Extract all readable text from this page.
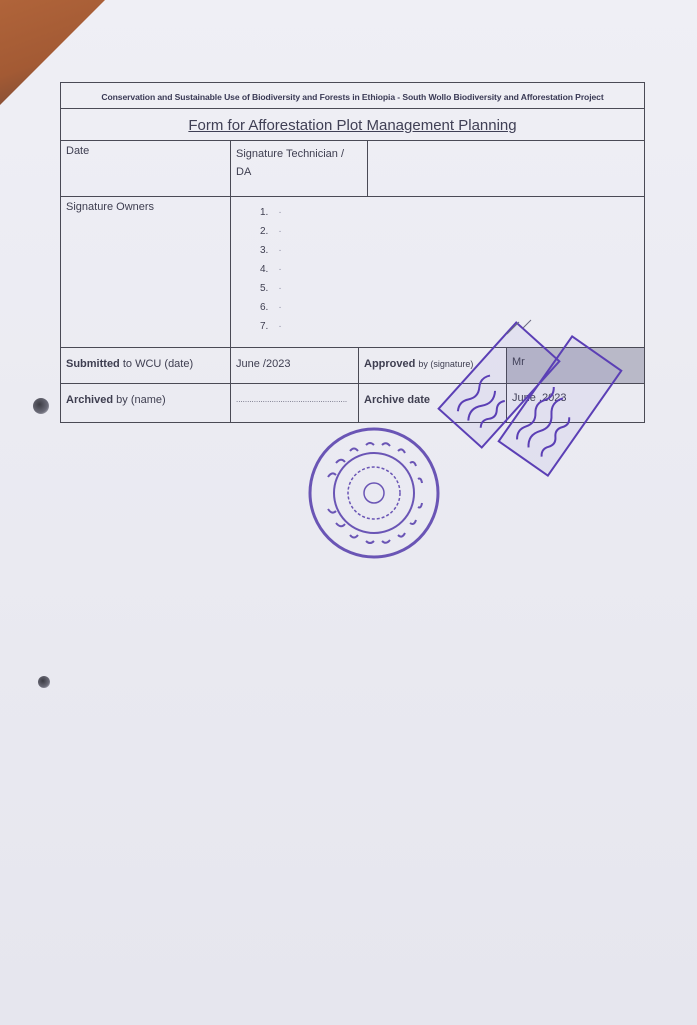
Conservation and Sustainable Use of Biodiversity and Forests in Ethiopia - South Wollo Biodiversity and Afforestation Project
Form for Afforestation Plot Management Planning
Date	Signature Technician / DA
Signature Owners	1. ·
2. ·
3. ·
4. ·
5. ·
6. ·
7. ·
Submitted to WCU (date)	June /2023	Approved by (signature)	Mr
Archived by (name)	..................................................	Archive date	June ,2023
